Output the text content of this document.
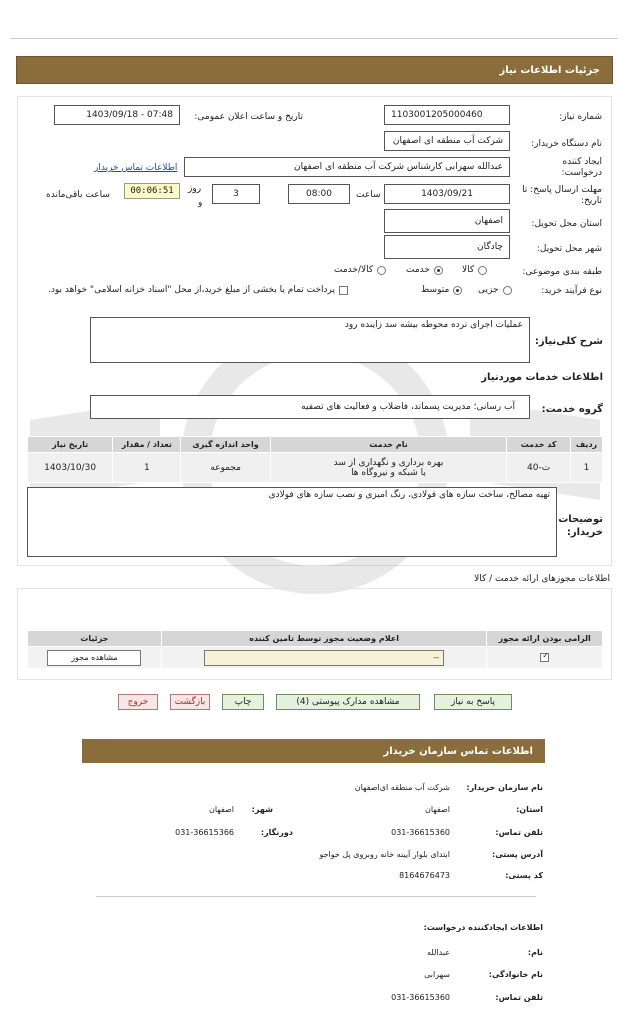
جزئیات اطلاعات نیاز
شماره نیاز:
1103001205000460
تاریخ و ساعت اعلان عمومی:
1403/09/18 - 07:48
نام دستگاه خریدار:
شرکت آب منطقه ای اصفهان
ایجاد کننده درخواست:
عبدالله سهرابی کارشناس شرکت آب منطقه ای اصفهان
اطلاعات تماس خریدار
مهلت ارسال پاسخ: تا تاریخ:
1403/09/21
ساعت
08:00
3
روز
و
00:06:51
ساعت باقی‌مانده
استان محل تحویل:
اصفهان
شهر محل تحویل:
چادگان
طبقه بندی موضوعی:
کالا
خدمت
کالا/خدمت
نوع فرآیند خرید:
جزیی
متوسط
پرداخت تمام یا بخشی از مبلغ خرید،از محل "اسناد خزانه اسلامی" خواهد بود.
عملیات اجرای نرده محوطه بیشه سد زاینده رود
شرح کلی‌نیاز:
اطلاعات خدمات موردنیاز
آب رسانی؛ مدیریت پسماند، فاضلاب و فعالیت های تصفیه	گروه خدمت:
ردیف	کد خدمت	نام خدمت	واحد اندازه گیری	تعداد / مقدار	تاریخ نیاز
1	ت-40	بهره برداری و نگهداری از سد
یا شبکه و نیروگاه ها	مجموعه	1	1403/10/30
تهیه مصالح، ساخت سازه های فولادی، رنگ امیزی و نصب سازه های فولادی
توضیحات خریدار:
اطلاعات مجوزهای ارائه خدمت / کالا
الزامی بودن ارائه مجوز	اعلام وضعیت مجوز توسط تامین کننده	جزئیات

✓	--	مشاهده مجوز
پاسخ به نیاز
مشاهده مدارک پیوستی (4)
چاپ
بازگشت
خروج
اطلاعات تماس سازمان خریدار
نام سازمان خریدار:
شرکت آب منطقه ای‌اصفهان
استان:
اصفهان
شهر:
اصفهان
تلفن تماس:
031-36615360
دورنگار:
031-36615366
آدرس پستی:
ابتدای بلوار آیینه خانه روبروی پل خواجو
کد پستی:
8164676473
اطلاعات ایجادکننده درخواست:
نام:
عبدالله
نام خانوادگی:
سهرابی
تلفن تماس:
031-36615360
